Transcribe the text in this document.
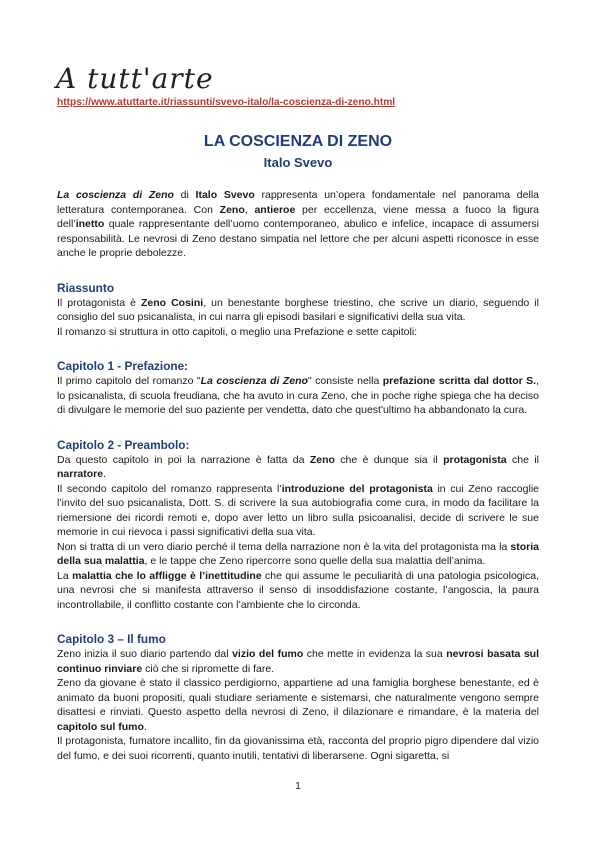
A tutt'arte
https://www.atuttarte.it/riassunti/svevo-italo/la-coscienza-di-zeno.html
LA COSCIENZA DI ZENO
Italo Svevo

La coscienza di Zeno di Italo Svevo rappresenta un’opera fondamentale nel panorama della letteratura contemporanea. Con Zeno, antieroe per eccellenza, viene messa a fuoco la figura dell’inetto quale rappresentante dell’uomo contemporaneo, abulico e infelice, incapace di assumersi responsabilità. Le nevrosi di Zeno destano simpatia nel lettore che per alcuni aspetti riconosce in esse anche le proprie debolezze.

Riassunto

Il protagonista è Zeno Cosini, un benestante borghese triestino, che scrive un diario, seguendo il consiglio del suo psicanalista, in cui narra gli episodi basilari e significativi della sua vita.

Il romanzo si struttura in otto capitoli, o meglio una Prefazione e sette capitoli:

Capitolo 1 - Prefazione:

Il primo capitolo del romanzo "La coscienza di Zeno" consiste nella prefazione scritta dal dottor S., lo psicanalista, di scuola freudiana, che ha avuto in cura Zeno, che in poche righe spiega che ha deciso di divulgare le memorie del suo paziente per vendetta, dato che quest'ultimo ha abbandonato la cura.

Capitolo 2 - Preambolo:

Da questo capitolo in poi la narrazione è fatta da Zeno che è dunque sia il protagonista che il narratore.

Il secondo capitolo del romanzo rappresenta l’introduzione del protagonista in cui Zeno raccoglie l’invito del suo psicanalista, Dott. S. di scrivere la sua autobiografia come cura, in modo da facilitare la riemersione dei ricordi remoti e, dopo aver letto un libro sulla psicoanalisi, decide di scrivere le sue memorie in cui rievoca i passi significativi della sua vita.

Non si tratta di un vero diario perché il tema della narrazione non è la vita del protagonista ma la storia della sua malattia, e le tappe che Zeno ripercorre sono quelle della sua malattia dell’anima.

La malattia che lo affligge è l’inettitudine che qui assume le peculiarità di una patologia psicologica, una nevrosi che si manifesta attraverso il senso di insoddisfazione costante, l’angoscia, la paura incontrollabile, il conflitto costante con l’ambiente che lo circonda.

Capitolo 3 – Il fumo

Zeno inizia il suo diario partendo dal vizio del fumo che mette in evidenza la sua nevrosi basata sul continuo rinviare ciò che si ripromette di fare.

Zeno da giovane è stato il classico perdigiorno, appartiene ad una famiglia borghese benestante, ed è animato da buoni propositi, quali studiare seriamente e sistemarsi, che naturalmente vengono sempre disattesi e rinviati. Questo aspetto della nevrosi di Zeno, il dilazionare e rimandare, è la materia del capitolo sul fumo.

Il protagonista, fumatore incallito, fin da giovanissima età, racconta del proprio pigro dipendere dal vizio del fumo, e dei suoi ricorrenti, quanto inutili, tentativi di liberarsene. Ogni sigaretta, si

1
